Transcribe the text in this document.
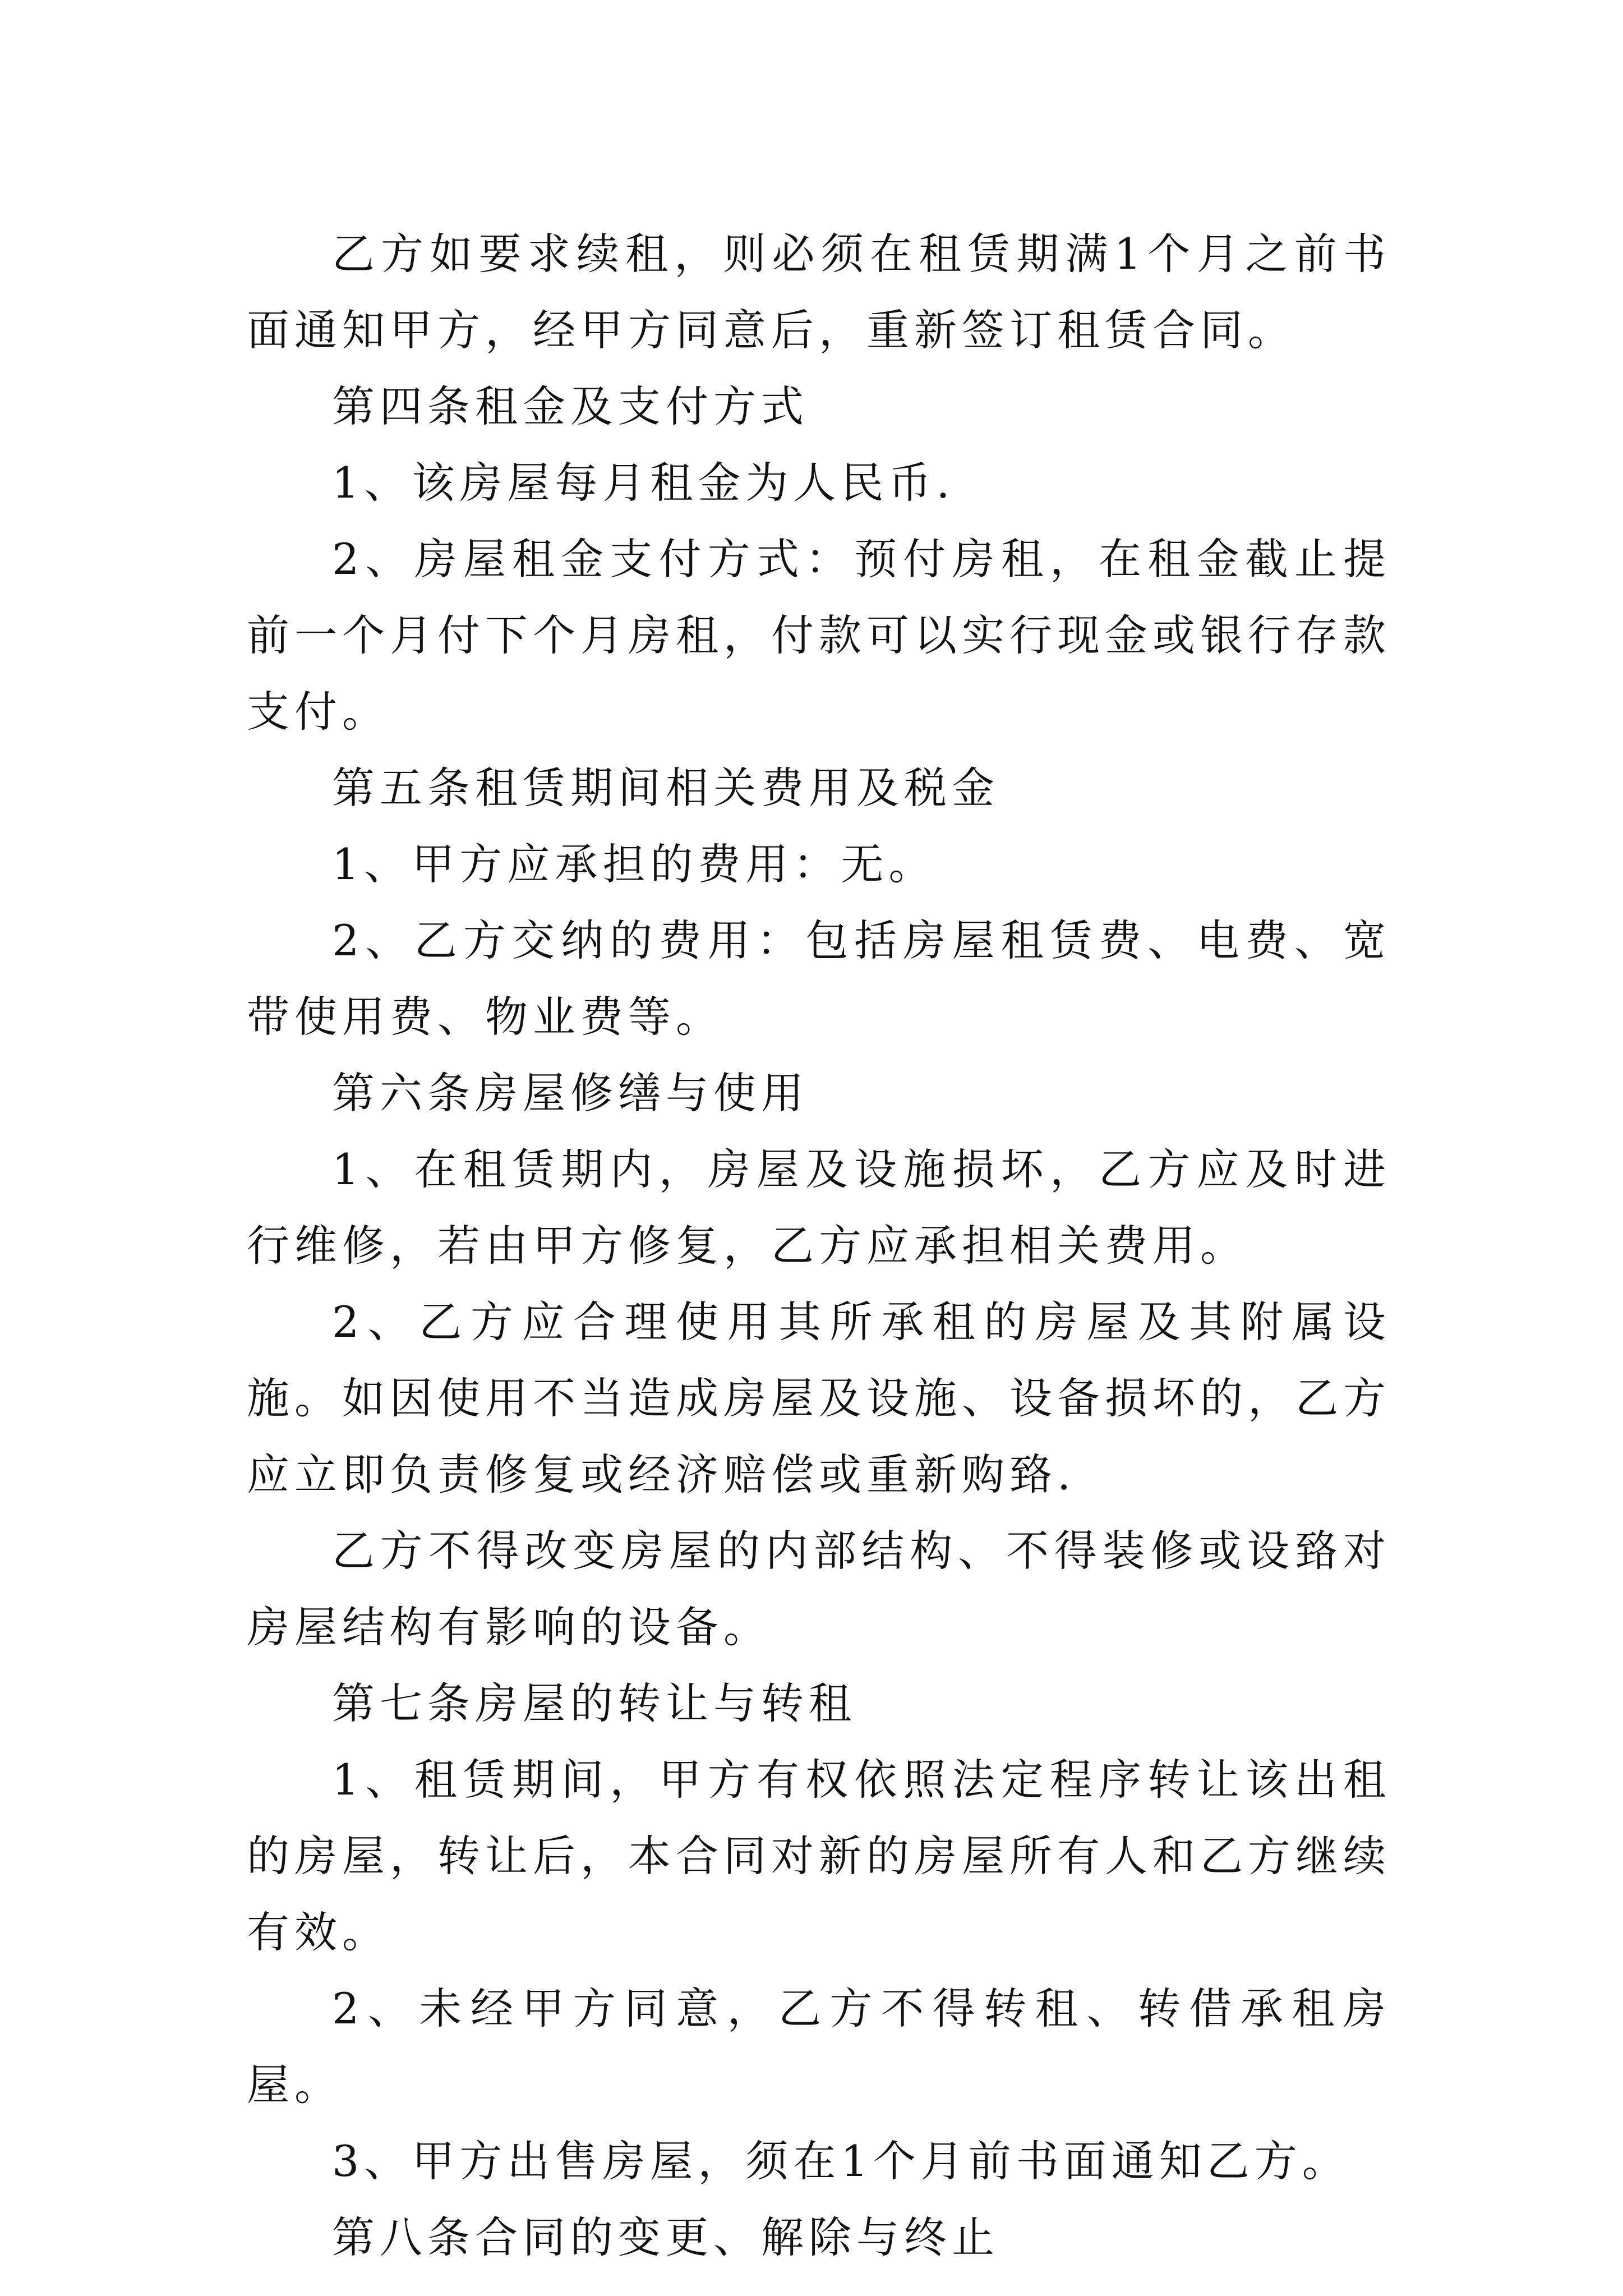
乙方如要求续租，则必须在租赁期满1个月之前书面通知甲方，经甲方同意后，重新签订租赁合同。

第四条租金及支付方式

1、该房屋每月租金为人民币.

2、房屋租金支付方式：预付房租，在租金截止提前一个月付下个月房租，付款可以实行现金或银行存款支付。

第五条租赁期间相关费用及税金

1、甲方应承担的费用：无。

2、乙方交纳的费用：包括房屋租赁费、电费、宽带使用费、物业费等。

第六条房屋修缮与使用

1、在租赁期内，房屋及设施损坏，乙方应及时进行维修，若由甲方修复，乙方应承担相关费用。

2、乙方应合理使用其所承租的房屋及其附属设施。如因使用不当造成房屋及设施、设备损坏的，乙方应立即负责修复或经济赔偿或重新购臵.

乙方不得改变房屋的内部结构、不得装修或设臵对房屋结构有影响的设备。

第七条房屋的转让与转租

1、租赁期间，甲方有权依照法定程序转让该出租的房屋，转让后，本合同对新的房屋所有人和乙方继续有效。

2、未经甲方同意，乙方不得转租、转借承租房屋。

3、甲方出售房屋，须在1个月前书面通知乙方。

第八条合同的变更、解除与终止
